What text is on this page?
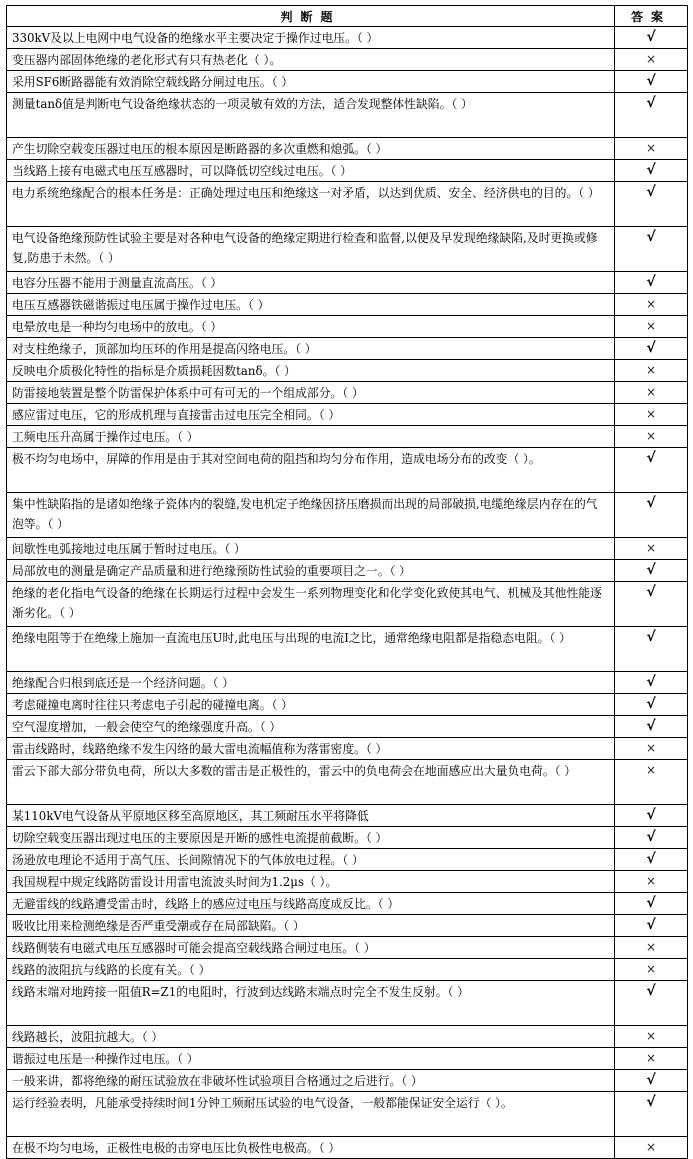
判断题	答案
330kV及以上电网中电气设备的绝缘水平主要决定于操作过电压。（ ）	√
变压器内部固体绝缘的老化形式有只有热老化（ ）。	×
采用SF6断路器能有效消除空载线路分闸过电压。（ ）	√
测量tanδ值是判断电气设备绝缘状态的一项灵敏有效的方法，适合发现整体性缺陷。（ ）	√
产生切除空载变压器过电压的根本原因是断路器的多次重燃和熄弧。（ ）	×
当线路上接有电磁式电压互感器时，可以降低切空线过电压。（ ）	√
电力系统绝缘配合的根本任务是：正确处理过电压和绝缘这一对矛盾，以达到优质、安全、经济供电的目的。（ ）	√
电气设备绝缘预防性试验主要是对各种电气设备的绝缘定期进行检查和监督,以便及早发现绝缘缺陷,及时更换或修复,防患于未然。（ ）	√
电容分压器不能用于测量直流高压。（ ）	√
电压互感器铁磁谐振过电压属于操作过电压。（ ）	×
电晕放电是一种均匀电场中的放电。（ ）	×
对支柱绝缘子，顶部加均压环的作用是提高闪络电压。（ ）	√
反映电介质极化特性的指标是介质损耗因数tanδ。（ ）	×
防雷接地装置是整个防雷保护体系中可有可无的一个组成部分。（ ）	×
感应雷过电压，它的形成机理与直接雷击过电压完全相同。（ ）	×
工频电压升高属于操作过电压。（ ）	×
极不均匀电场中，屏障的作用是由于其对空间电荷的阻挡和均匀分布作用，造成电场分布的改变（ ）。	√
集中性缺陷指的是诸如绝缘子瓷体内的裂缝,发电机定子绝缘因挤压磨损而出现的局部破损,电缆绝缘层内存在的气泡等。（ ）	√
间歇性电弧接地过电压属于暂时过电压。（ ）	×
局部放电的测量是确定产品质量和进行绝缘预防性试验的重要项目之一。（ ）	√
绝缘的老化指电气设备的绝缘在长期运行过程中会发生一系列物理变化和化学变化致使其电气、机械及其他性能逐渐劣化。（ ）	√
绝缘电阻等于在绝缘上施加一直流电压U时,此电压与出现的电流I之比，通常绝缘电阻都是指稳态电阻。（ ）	√
绝缘配合归根到底还是一个经济问题。（ ）	√
考虑碰撞电离时往往只考虑电子引起的碰撞电离。（ ）	√
空气湿度增加，一般会使空气的绝缘强度升高。（ ）	√
雷击线路时，线路绝缘不发生闪络的最大雷电流幅值称为落雷密度。（ ）	×
雷云下部大部分带负电荷，所以大多数的雷击是正极性的，雷云中的负电荷会在地面感应出大量负电荷。（ ）	×
某110kV电气设备从平原地区移至高原地区，其工频耐压水平将降低	√
切除空载变压器出现过电压的主要原因是开断的感性电流提前截断。（ ）	√
汤逊放电理论不适用于高气压、长间隙情况下的气体放电过程。（ ）	√
我国规程中规定线路防雷设计用雷电流波头时间为1.2μs（ ）。	×
无避雷线的线路遭受雷击时，线路上的感应过电压与线路高度成反比。（ ）	√
吸收比用来检测绝缘是否严重受潮或存在局部缺陷。（ ）	√
线路侧装有电磁式电压互感器时可能会提高空载线路合闸过电压。（ ）	×
线路的波阻抗与线路的长度有关。（ ）	×
线路末端对地跨接一阻值R=Z1的电阻时，行波到达线路末端点时完全不发生反射。（ ）	√
线路越长，波阻抗越大。（ ）	×
谐振过电压是一种操作过电压。（ ）	×
一般来讲，都将绝缘的耐压试验放在非破坏性试验项目合格通过之后进行。（ ）	√
运行经验表明，凡能承受持续时间1分钟工频耐压试验的电气设备，一般都能保证安全运行（ ）。	√
在极不均匀电场，正极性电极的击穿电压比负极性电极高。（ ）	×
